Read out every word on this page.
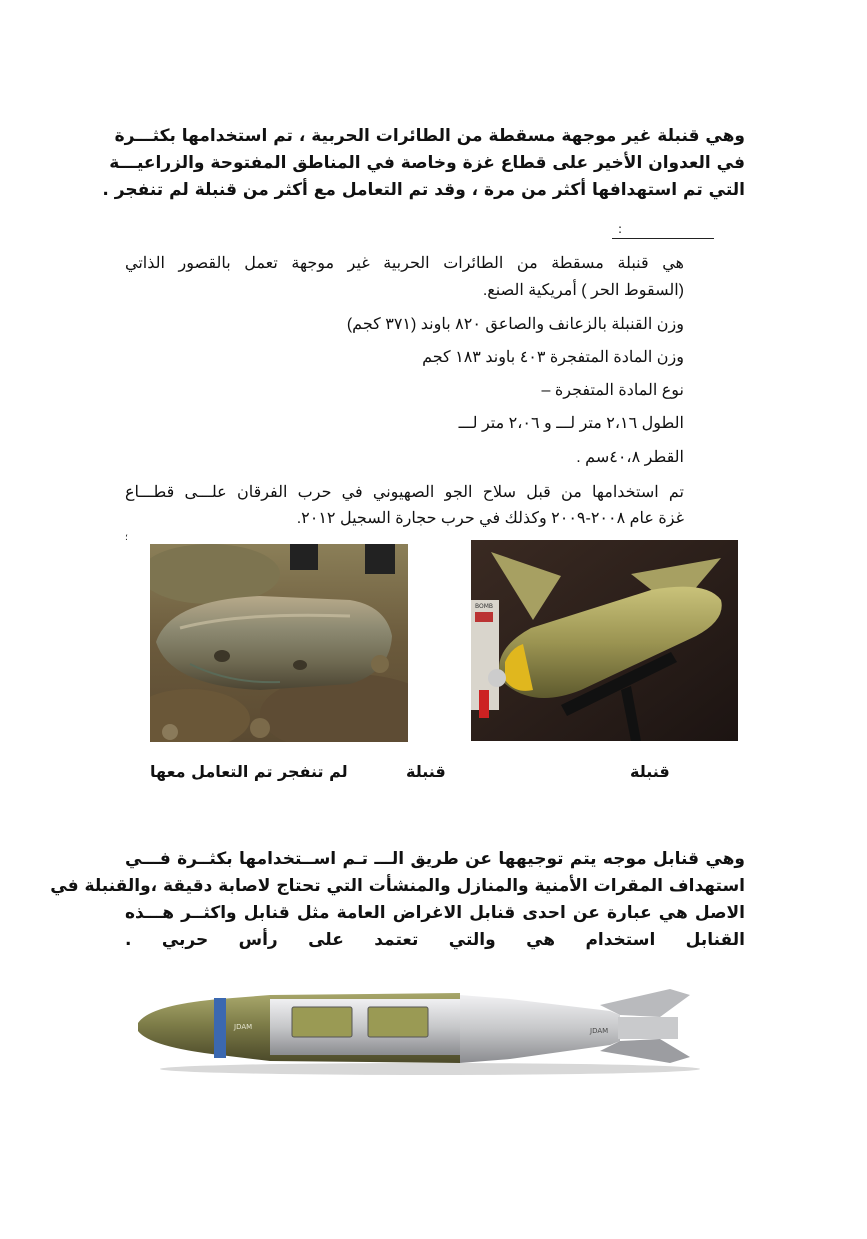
وهي قنبلة غير موجهة مسقطة من الطائرات الحربية ، تم استخدامها بكثـــرة
في العدوان الأخير على قطاع غزة وخاصة في المناطق المفتوحة والزراعيـــة
التي تم استهدافها أكثر من مرة ، وقد تم التعامل مع أكثر من قنبلة لم تنفجر .
:
هي قنبلة مسقطة من الطائرات الحربية غير موجهة تعمل بالقصور الذاتي
(السقوط الحر ) أمريكية الصنع.
وزن القنبلة بالزعانف والصاعق ٨٢٠ باوند (٣٧١ كجم)
وزن المادة المتفجرة ٤٠٣ باوند ١٨٣ كجم
نوع المادة المتفجرة –
الطول ٢،١٦ متر لـــ و ٢،٠٦ متر لـــ
القطر ٤٠،٨سم .
تم استخدامها من قبل سلاح الجو الصهيوني في حرب الفرقان علـــى قطـــاع
غزة عام ٢٠٠٨-٢٠٠٩ وكذلك في حرب حجارة السجيل ٢٠١٢.
؛
BOMB
لم تنفجر تم التعامل معها	قنبلة	قنبلة
وهي قنابل موجه يتم توجيهها عن طريق الـــ تـم اســتخدامها بكثــرة فـــي
استهداف المقرات الأمنية والمنازل والمنشأت التي تحتاج لاصابة دقيقة ،والقنبلة في
الاصل هي عبارة عن احدى قنابل الاغراض العامة مثل قنابل واكثــر هـــذه
القنابل استخدام هي والتي تعتمد على رأس حربي .
JDAM	JDAM
